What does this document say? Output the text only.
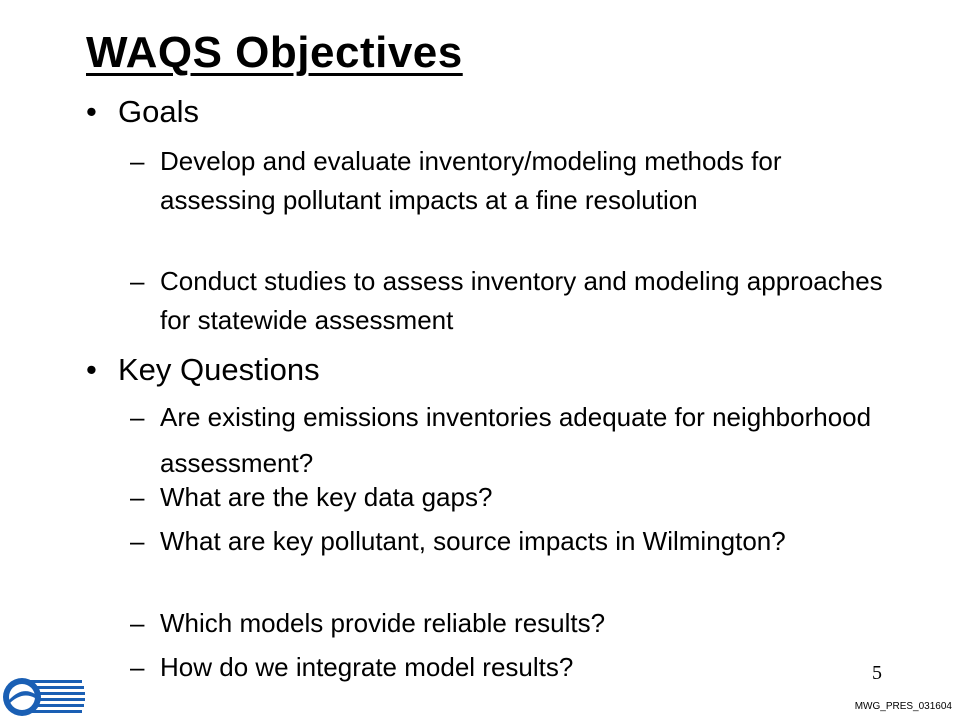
WAQS Objectives
• Goals
– Develop and evaluate inventory/modeling methods for assessing pollutant impacts at a fine resolution
– Conduct studies to assess inventory and modeling approaches for statewide assessment
• Key Questions
– Are existing emissions inventories adequate for neighborhood assessment?
– What are the key data gaps?
– What are key pollutant, source impacts in Wilmington?
– Which models provide reliable results?
– How do we integrate model results?	5
MWG_PRES_031604
